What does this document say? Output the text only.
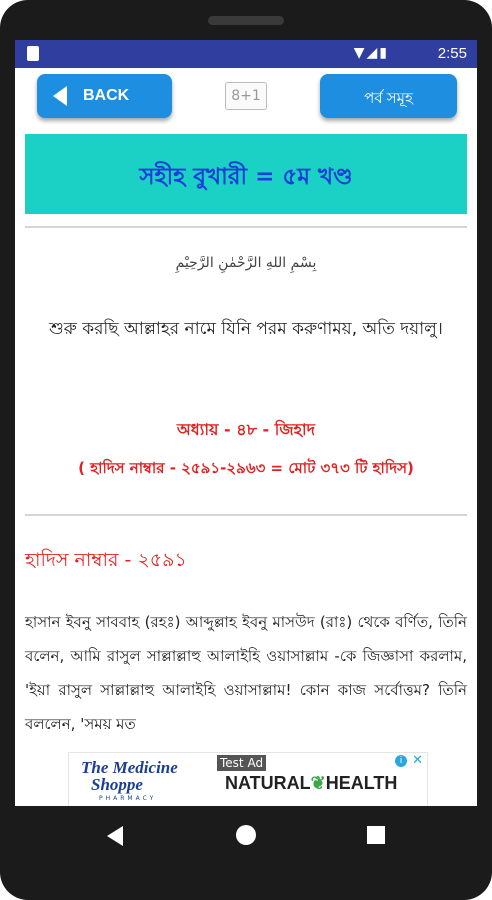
▼◢▮	2:55
BACK	8+1	পর্ব সমূহ
সহীহ বুখারী = ৫ম খণ্ড
بِسْمِ اللهِ الرَّحْمٰنِ الرَّحِيْمِ
শুরু করছি আল্লাহর নামে যিনি পরম করুণাময়, অতি দয়ালু।
অধ্যায় - ৪৮ - জিহাদ
( হাদিস নাম্বার - ২৫৯১-২৯৬৩ = মোট ৩৭৩ টি হাদিস)
হাদিস নাম্বার - ২৫৯১
হাসান ইবনু সাববাহ (রহঃ) আব্দুল্লাহ ইবনু মাসউদ (রাঃ) থেকে বর্ণিত, তিনি বলেন, আমি রাসুল সাল্লাল্লাহু আলাইহি ওয়াসাল্লাম -কে জিজ্ঞাসা করলাম, 'ইয়া রাসুল সাল্লাল্লাহু আলাইহি ওয়াসাল্লাম! কোন কাজ সর্বোত্তম? তিনি বললেন, 'সময় মত
The Medicine
Shoppe
PHARMACY
Test Ad
NATURAL❦HEALTH
i ✕
